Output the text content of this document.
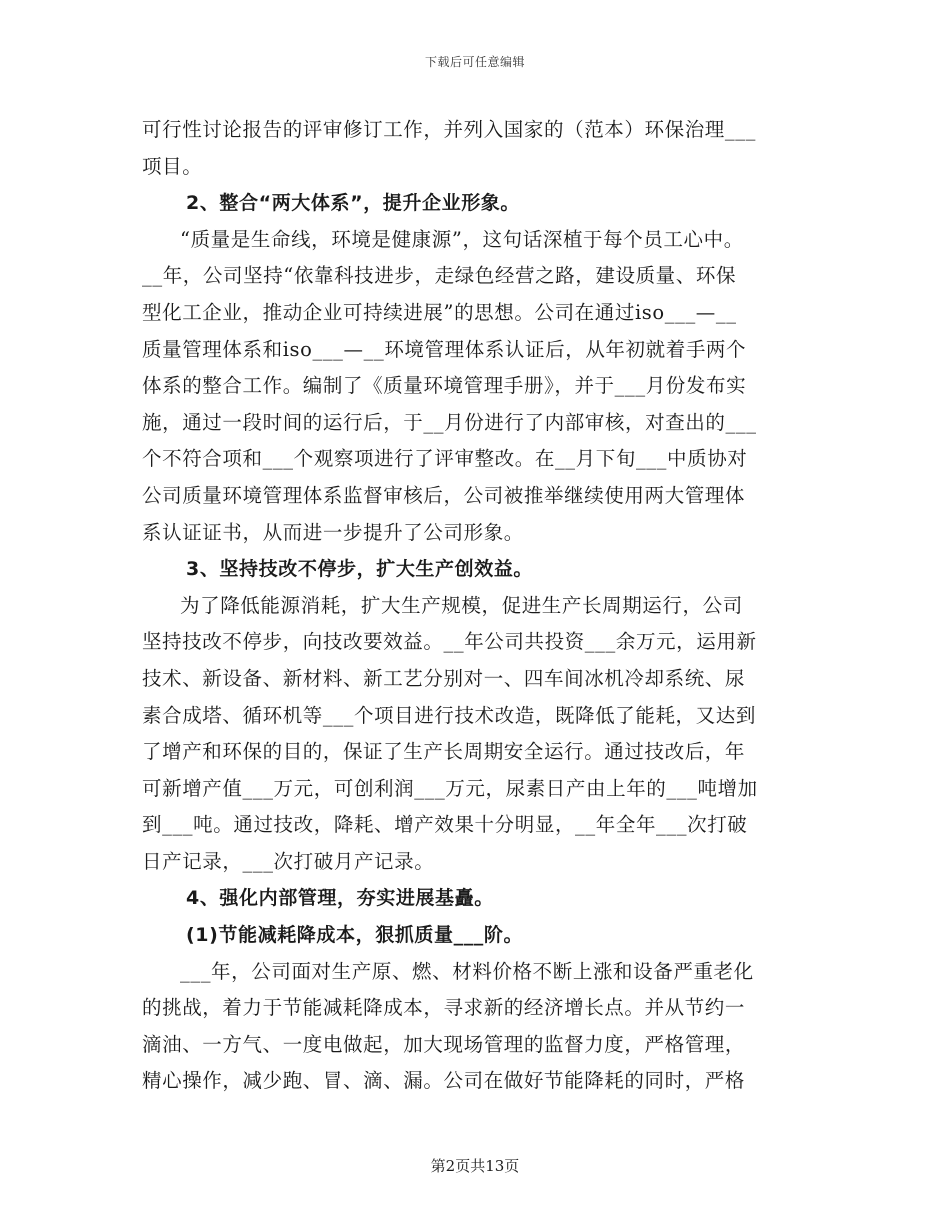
下载后可任意编辑
可行性讨论报告的评审修订工作，并列入国家的（范本）环保治理___
项目。
2、整合“两大体系”，提升企业形象。
“质量是生命线，环境是健康源”，这句话深植于每个员工心中。
__年，公司坚持“依靠科技进步，走绿色经营之路，建设质量、环保
型化工企业，推动企业可持续进展”的思想。公司在通过iso___—__
质量管理体系和iso___—__环境管理体系认证后，从年初就着手两个
体系的整合工作。编制了《质量环境管理手册》，并于___月份发布实
施，通过一段时间的运行后，于__月份进行了内部审核，对查出的___
个不符合项和___个观察项进行了评审整改。在__月下旬___中质协对
公司质量环境管理体系监督审核后，公司被推举继续使用两大管理体
系认证证书，从而进一步提升了公司形象。
3、坚持技改不停步，扩大生产创效益。
为了降低能源消耗，扩大生产规模，促进生产长周期运行，公司
坚持技改不停步，向技改要效益。__年公司共投资___余万元，运用新
技术、新设备、新材料、新工艺分别对一、四车间冰机冷却系统、尿
素合成塔、循环机等___个项目进行技术改造，既降低了能耗，又达到
了增产和环保的目的，保证了生产长周期安全运行。通过技改后，年
可新增产值___万元，可创利润___万元，尿素日产由上年的___吨增加
到___吨。通过技改，降耗、增产效果十分明显，__年全年___次打破
日产记录，___次打破月产记录。
4、强化内部管理，夯实进展基矗。
(1)节能减耗降成本，狠抓质量___阶。
___年，公司面对生产原、燃、材料价格不断上涨和设备严重老化
的挑战，着力于节能减耗降成本，寻求新的经济增长点。并从节约一
滴油、一方气、一度电做起，加大现场管理的监督力度，严格管理，
精心操作，减少跑、冒、滴、漏。公司在做好节能降耗的同时，严格
第2页共13页
